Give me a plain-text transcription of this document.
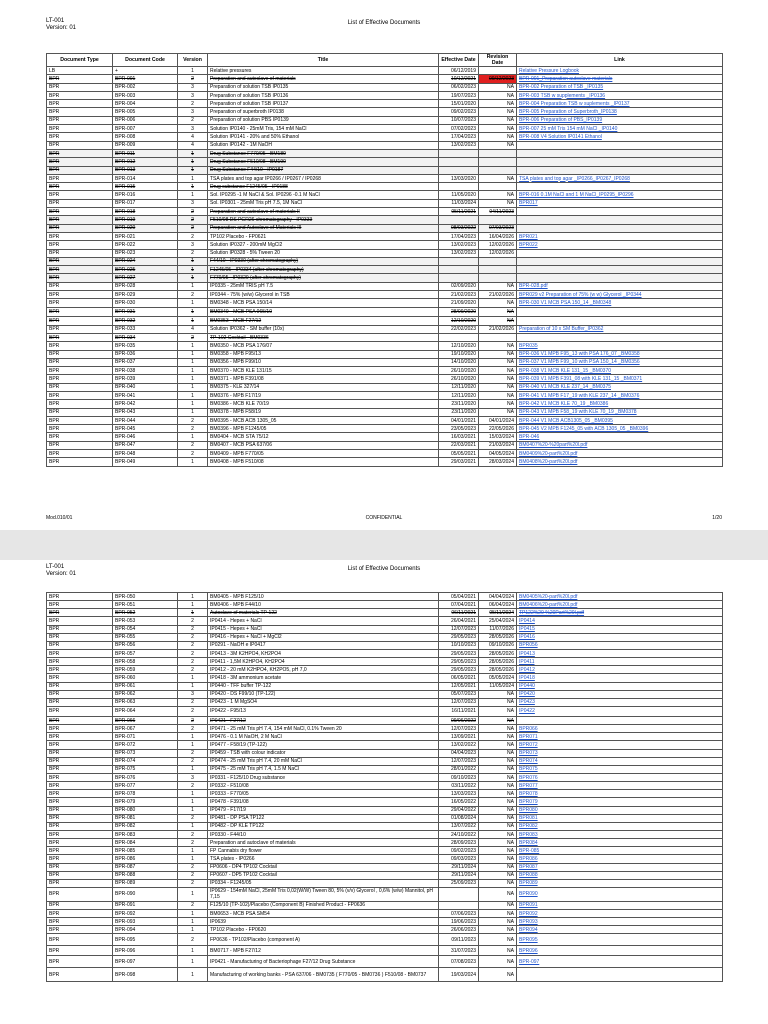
LT-001
Version: 01
List of Effective Documents
Document Type	Document Code	Version	Title	Effective Date	Revision Date	Link
LB	+	1	Relative pressures	06/12/2019		Relative Pressure Logbook
BPR	BPR-001	2	Preparation and autoclave of materials	10/12/2021	09/12/2023	BPR-001_Preparation autoclave materials
BPR	BPR-002	3	Preparation of solution TSB IP0135	06/02/2023	NA	BPR-002 Preparation of TSB _IP0135
BPR	BPR-003	3	Preparation of solution TSB IP0136	19/07/2023	NA	BPR-003 TSB w supplements _IP0136
BPR	BPR-004	2	Preparation of solution TSB IP0137	15/01/2020	NA	BPR-004 Preparation TSB w suplements _IP0137
BPR	BPR-005	3	Preparation of superbroth IP0138	09/02/2023	NA	BPR-005 Preparation of Superbroth_IP0138
BPR	BPR-006	2	Preparation of solution PBS IP0139	10/07/2023	NA	BPR-006 Preparation of PBS_IP0139
BPR	BPR-007	3	Solution IP0140 - 25mM Tris, 154 mM NaCl	07/02/2023	NA	BPR-007 25 mM Tris 154 mM NaCl _IP0140
BPR	BPR-008	4	Solution IP0141 - 20% and 50% Ethanol	17/04/2023	NA	BPR-008 V4 Solution IP0141 Ethanol
BPR	BPR-009	4	Solution IP0142 - 1M NaOH	13/02/2023	NA	
BPR	BPR-011	1	Drug Substance F770/05 - BM189			
BPR	BPR-012	1	Drug Substance F510/08 - BM190			
BPR	BPR-013	1	Drug Substance F44/10 - IP0187			
BPR	BPR-014	1	TSA plates and top agar IP0266 / IP0267 / IP0268	13/03/2020	NA	TSA plates and top agar _IP0266_IP0267_IP0268
BPR	BPR-015	1	Drug substance F1245/05 - IP0188			
BPR	BPR-016	1	Sol. IP0295 -1 M NaCl & Sol. IP0296 -0.1 M NaCl	11/05/2020	NA	BPR-016 0.1M NaCl and 1 M NaCl_IP0295_IP0296
BPR	BPR-017	3	Sol. IP0301 - 25mM Tris pH 7.5, 1M NaCl	11/03/2024	NA	BPR017
BPR	BPR-018	2	Preparation and autoclave of materials II	05/11/2021	04/11/2023	
BPR	BPR-019	2	F510/08 DS PGR26 chromatography - IP0333			
BPR	BPR-020	2	Preparation and Autoclave of Materials III	08/03/2022	07/03/2023	
BPR	BPR-021	2	TP102 Placebo - FP0621	17/04/2023	16/04/2026	BPR021
BPR	BPR-022	3	Solution IP0327 - 200mM MgCl2	13/02/2023	12/02/2026	BPR022
BPR	BPR-023	2	Solution IP0328 - 5% Tween 20	13/02/2023	12/02/2026	
BPR	BPR-024	1	F44/10 - IP0330 (after chromatography)			
BPR	BPR-025	1	F1245/05 - IP0334 (after chromatography)			
BPR	BPR-027	1	F770/05 - IP0329 (after chromatography)			
BPR	BPR-028	1	IP0335 - 25mM TRIS pH 7.5	02/09/2020	NA	BPR-028.pdf
BPR	BPR-029	2	IP0344 - 75% (w/w) Glycerol in TSB	21/02/2023	21/02/2026	BPR029 v2 Preparation of 75% (w w) Glycerol _IP0344
BPR	BPR-030	1	BM0348 - MCB PSA 150/14	21/09/2020	NA	BPR-030 V1 MCB PSA 150_14 _BM0348
BPR	BPR-031	1	BM0349 - MCB PSA 065/10	28/09/2020	NA	
BPR	BPR-032	1	BM0353 - MCB F27/12	12/10/2020	NA	
BPR	BPR-033	4	Solution IP0362 - SM buffer (10x)	22/02/2023	21/02/2026	Preparation of 10 x SM Buffer_IP0362
BPR	BPR-034	2	TP-102 Cocktail - BM0336			
BPR	BPR-035	1	BM0350 - MCB PSA 176/07	12/10/2020	NA	BPR035
BPR	BPR-036	1	BM0358 - MPB F95/13	19/10/2020	NA	BPR-036 V1 MPB F95_13 with PSA 176_07 _BM0358
BPR	BPR-037	1	BM0356 - MPB F99/10	14/10/2020	NA	BPR-037 V1 MPB F99_10 with PSA 150_14 _BM0356
BPR	BPR-038	1	BM0370 - MCB KLE 131/15	26/10/2020	NA	BPR-038 V1 MCB KLE 131_15 _BM0370
BPR	BPR-039	1	BM0371 - MPB F391/08	26/10/2020	NA	BPR-039 V1 MPB F391_08 with KLE 131_15 _BM0371
BPR	BPR-040	1	BM0375 - KLE 327/14	12/11/2020	NA	BPR-040 V1 MCB KLE 237_14 _BM0375
BPR	BPR-041	1	BM0376 - MPB F17/19	12/11/2020	NA	BPR-041 V1 MPB F17_19 with KLE 237_14 _BM0376
BPR	BPR-042	1	BM0386 - MCB KLE 70/19	23/11/2020	NA	BPR-042 V1 MCB KLE 70_19 _BM0386
BPR	BPR-043	1	BM0378 - MPB F58/19	23/11/2020	NA	BPR-043 V1 MPB F58_19 with KLE 70_19 _BM0378
BPR	BPR-044	2	BM0395 - MCB ACB 1305_05	04/01/2021	04/01/2024	BPR-044 V1 MCB ACB1305_05 _BM0395
BPR	BPR-045	2	BM0396 - MPB F1245/05	23/05/2023	22/05/2026	BPR-045 V2 MPB F1245_05 with ACB 1305_05 _BM0396
BPR	BPR-046	1	BM0404 - MCB STA 75/12	16/03/2021	15/03/2024	BPR-046
BPR	BPR-047	2	BM0407 - MCB PSA 637/06	22/03/2021	21/03/2024	BM0407%20-%20part%20l.pdf
BPR	BPR-048	2	BM0409 - MPB F770/05	05/05/2021	04/05/2024	BM0409%20-part%20l.pdf
BPR	BPR-049	1	BM0408 - MPB F510/08	29/03/2021	28/03/2024	BM0408%20-part%20l.pdf
Mod.010/01	CONFIDENTIAL	1/20
LT-001
Version: 01
List of Effective Documents
BPR	BPR-050	1	BM0405 - MPB F125/10	05/04/2021	04/04/2024	BM0405%20-part%20l.pdf
BPR	BPR-051	1	BM0406 - MPB F44/10	07/04/2021	06/04/2024	BM0406%20-part%20l.pdf
BPR	BPR-052	1	Autoclave of materials TP-122	06/11/2021	05/11/2024	TP122%20-%20Part%20l.pdf
BPR	BPR-053	2	IP0414 - Hepes + NaCl	26/04/2021	25/04/2024	IP0414
BPR	BPR-054	2	IP0415 - Hepes + NaCl	12/07/2023	11/07/2026	IP0415
BPR	BPR-055	2	IP0416 - Hepes + NaCl + MgCl2	29/05/2023	28/05/2026	IP0416
BPR	BPR-056	2	IP0291 - NaOH e IP0417	10/10/2023	09/10/2026	BPR056
BPR	BPR-057	2	IP0413 - 3M K2HPO4, KH2PO4	29/05/2023	28/05/2026	IP0413
BPR	BPR-058	2	IP0411 - 1,5M K2HPO4, KH2PO4	29/05/2023	28/05/2026	IP0411
BPR	BPR-059	2	IP0412 - 20 mM K2HPO4, KH2PO5, pH 7,0	29/05/2023	28/05/2026	IP0412
BPR	BPR-060	1	IP0418 - 3M ammonium acetate	06/05/2021	05/05/2024	IP0418
BPR	BPR-061	1	IP0440 - TFF buffer TP-122	12/05/2021	11/05/2024	IP0440
BPR	BPR-062	3	IP0420 - DS F99/10 (TP-122)	05/07/2023	NA	IP0420
BPR	BPR-063	2	IP0423 - 1 M MgSO4	12/07/2023	NA	IP0423
BPR	BPR-064	2	IP0422 - F95/13	16/11/2021	NA	IP0422
BPR	BPR-066	2	IP0421 - F27/12	09/06/2022	NA	
BPR	BPR-067	2	IP0471 - 25 mM Tris pH 7.4, 154 mM NaCl, 0.1% Tween 20	12/07/2023	NA	BPR066
BPR	BPR-071	1	IP0476 - 0.1 M NaOH, 2 M NaCl	13/09/2021	NA	BPR071
BPR	BPR-072	1	IP0477 - F58/19 (TP-122)	13/02/2022	NA	BPR072
BPR	BPR-073	2	IP0459 - TSB with colour indicator	04/04/2023	NA	BPR073
BPR	BPR-074	2	IP0474 - 25 mM Tris pH 7.4, 20 mM NaCl	12/07/2023	NA	BPR074
BPR	BPR-075	1	IP0475 - 25 mM Tris pH 7.4, 1.5 M NaCl	28/01/2022	NA	BPR075
BPR	BPR-076	3	IP0331 - F125/10 Drug substance	09/10/2023	NA	BPR076
BPR	BPR-077	2	IP0332 - F510/08	03/11/2022	NA	BPR077
BPR	BPR-078	1	IP0333 - F770/05	13/03/2023	NA	BPR078
BPR	BPR-079	1	IP0478 - F391/08	16/05/2022	NA	BPR079
BPR	BPR-080	1	IP0479 - F17/19	29/04/2022	NA	BPR080
BPR	BPR-081	2	IP0481 - DP PSA TP122	01/08/2024	NA	BPR081
BPR	BPR-082	1	IP0482 - DP KLE TP122	13/07/2022	NA	BPR082
BPR	BPR-083	2	IP0330 - F44/10	24/10/2022	NA	BPR083
BPR	BPR-084	2	Preparation and autoclave of materials	28/09/2023	NA	BPR084
BPR	BPR-085	1	FP Cannabis dry flower	09/02/2023	NA	BPR-085
BPR	BPR-086	1	TSA plates - IP0266	09/03/2023	NA	BPR086
BPR	BPR-087	2	FP0606 - DP4 TP102 Cocktail	29/11/2024	NA	BPR087
BPR	BPR-088	2	FP0607 - DP5 TP102 Cocktail	29/11/2024	NA	BPR088
BPR	BPR-089	2	IP0334 - F1245/05	25/09/2023	NA	BPR089
BPR	BPR-090	1	IP0629 - 154mM NaCl, 25mM Tris 0,02(W/W) Tween 80, 5% (v/v) Glycerol , 0,6% (w/w) Mannitol, pH 7,15		NA	BPR090
BPR	BPR-091	2	F125/10 (TP-102)/Placebo (Component B) Finished Product - FP0636		NA	BPR091
BPR	BPR-092	1	BM0653 - MCB PSA SM54	07/06/2023	NA	BPR092
BPR	BPR-093	1	IP0639	19/06/2023	NA	BPR093
BPR	BPR-094	1	TP102 Placebo - FP0620	26/06/2023	NA	BPR094
BPR	BPR-095	2	FP0636 - TP102/Placebo (component A)	09/11/2023	NA	BPR095
BPR	BPR-096	1	BM0717 - MPB F27/12	31/07/2023	NA	BPR096
BPR	BPR-097	1	IP0421 - Manufacturing of Bacteriophage F27/12 Drug Substance	07/08/2023	NA	BPR-097
BPR	BPR-098	1	Manufacturing of working banks - PSA 637/06 - BM0735 ( F770/05 - BM0736 ) F510/08 - BM0737	19/03/2024	NA	
